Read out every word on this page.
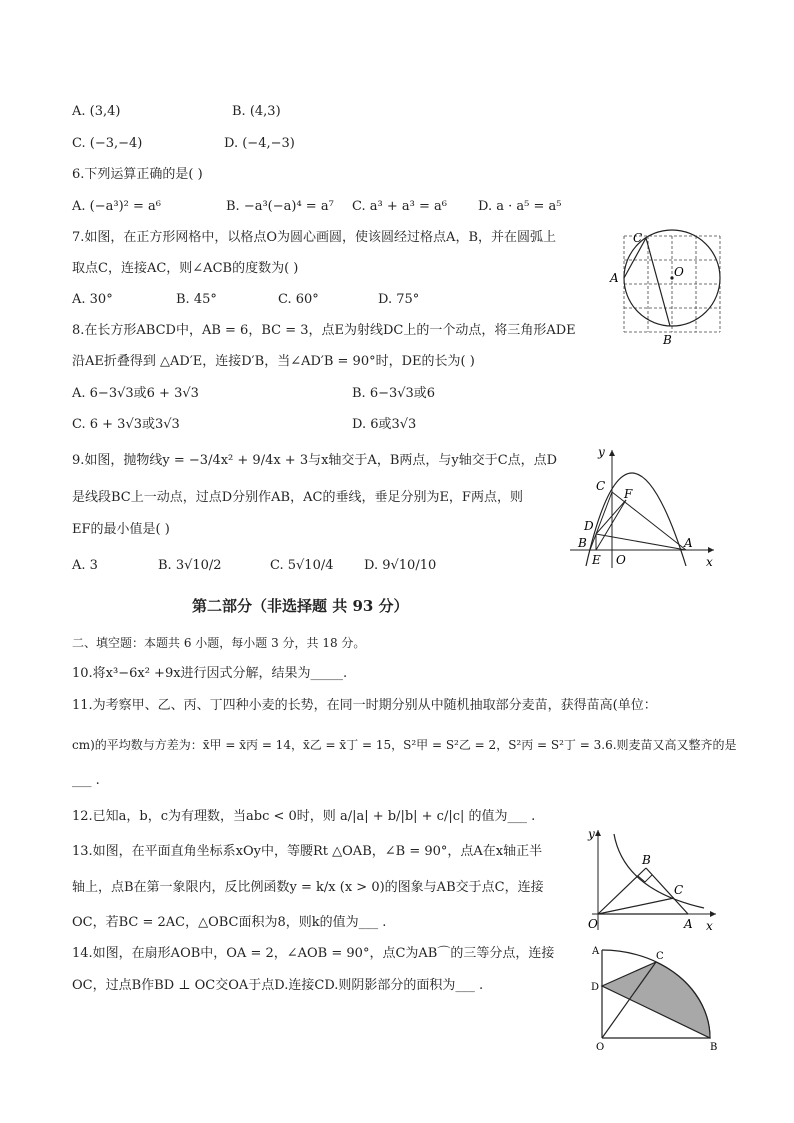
A. (3,4)	B. (4,3)
C. (−3,−4)	D. (−4,−3)
6.下列运算正确的是( )
A. (−a³)² = a⁶	B. −a³(−a)⁴ = a⁷ C. a³ + a³ = a⁶ D. a · a⁵ = a⁵
7.如图，在正方形网格中，以格点O为圆心画圆，使该圆经过格点A，B，并在圆弧上
取点C，连接AC，则∠ACB的度数为( )
A. 30°	B. 45°	C. 60°	D. 75°
C
A	O
B
8.在长方形ABCD中，AB = 6，BC = 3，点E为射线DC上的一个动点，将三角形ADE
沿AE折叠得到 △AD′E，连接D′B，当∠AD′B = 90°时，DE的长为( )
A. 6−3√3或6 + 3√3	B. 6−3√3或6
C. 6 + 3√3或3√3	D. 6或3√3
9.如图，抛物线y = −3/4x² + 9/4x + 3与x轴交于A，B两点，与y轴交于C点，点D
是线段BC上一动点，过点D分别作AB，AC的垂线，垂足分别为E，F两点，则
EF的最小值是( )
A. 3	B. 3√10/2	C. 5√10/4 D. 9√10/10
y
x
C
F
D
B
E O
A
第二部分（非选择题 共 93 分）
二、填空题：本题共 6 小题，每小题 3 分，共 18 分。
10.将x³−6x² +9x进行因式分解，结果为_____.
11.为考察甲、乙、丙、丁四种小麦的长势，在同一时期分别从中随机抽取部分麦苗，获得苗高(单位：
cm)的平均数与方差为：x̄甲 = x̄丙 = 14，x̄乙 = x̄丁 = 15，S²甲 = S²乙 = 2，S²丙 = S²丁 = 3.6.则麦苗又高又整齐的是
___ .
12.已知a，b，c为有理数，当abc < 0时，则 a/|a| + b/|b| + c/|c| 的值为___ .
13.如图，在平面直角坐标系xOy中，等腰Rt △OAB，∠B = 90°，点A在x轴正半
轴上，点B在第一象限内，反比例函数y = k/x (x > 0)的图象与AB交于点C，连接
OC，若BC = 2AC，△OBC面积为8，则k的值为___ .
y
x
B
C
O	A
14.如图，在扇形AOB中，OA = 2，∠AOB = 90°，点C为AB⌒的三等分点，连接
OC，过点B作BD ⊥ OC交OA于点D.连接CD.则阴影部分的面积为___ .
A	C
D
O	B
